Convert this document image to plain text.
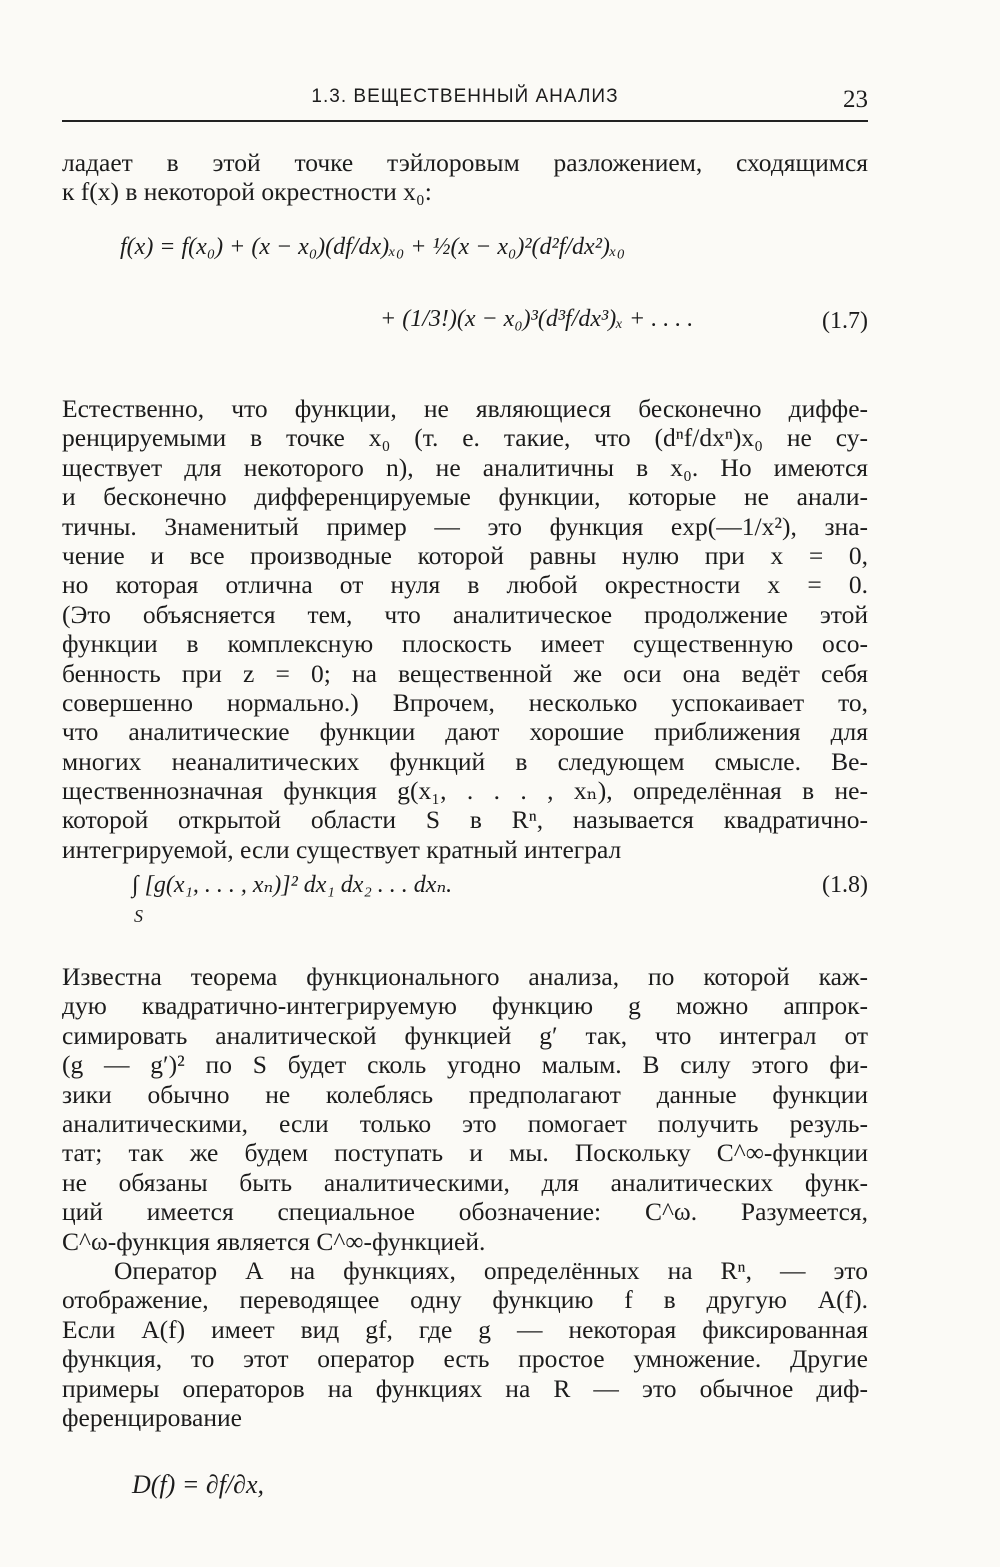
1.3. ВЕЩЕСТВЕННЫЙ АНАЛИЗ	23
ладает в этой точке тэйлоровым разложением, сходящимся
к f(x) в некоторой окрестности x₀:
f(x) = f(x₀) + (x − x₀)(df/dx)ₓ₀ + ½(x − x₀)²(d²f/dx²)ₓ₀
+ (1/3!)(x − x₀)³(d³f/dx³)ₓ + . . . .	(1.7)
Естественно, что функции, не являющиеся бесконечно диффе-
ренцируемыми в точке x₀ (т. е. такие, что (dⁿf/dxⁿ)x₀ не су-
ществует для некоторого n), не аналитичны в x₀. Но имеются
и бесконечно дифференцируемые функции, которые не анали-
тичны. Знаменитый пример — это функция exp(—1/x²), зна-
чение и все производные которой равны нулю при x = 0,
но которая отлична от нуля в любой окрестности x = 0.
(Это объясняется тем, что аналитическое продолжение этой
функции в комплексную плоскость имеет существенную осо-
бенность при z = 0; на вещественной же оси она ведёт себя
совершенно нормально.) Впрочем, несколько успокаивает то,
что аналитические функции дают хорошие приближения для
многих неаналитических функций в следующем смысле. Ве-
щественнозначная функция g(x₁, . . . , xₙ), определённая в не-
которой открытой области S в Rⁿ, называется квадратично-
интегрируемой, если существует кратный интеграл
∫ [g(x₁, . . . , xₙ)]² dx₁ dx₂ . . . dxₙ.
S
(1.8)
Известна теорема функционального анализа, по которой каж-
дую квадратично-интегрируемую функцию g можно аппрок-
симировать аналитической функцией g′ так, что интеграл от
(g — g′)² по S будет сколь угодно малым. В силу этого фи-
зики обычно не колеблясь предполагают данные функции
аналитическими, если только это помогает получить резуль-
тат; так же будем поступать и мы. Поскольку C^∞-функции
не обязаны быть аналитическими, для аналитических функ-
ций имеется специальное обозначение: C^ω. Разумеется,
C^ω-функция является C^∞-функцией.
Оператор A на функциях, определённых на Rⁿ, — это
отображение, переводящее одну функцию f в другую A(f).
Если A(f) имеет вид gf, где g — некоторая фиксированная
функция, то этот оператор есть простое умножение. Другие
примеры операторов на функциях на R — это обычное диф-
ференцирование
D(f) = ∂f/∂x,
